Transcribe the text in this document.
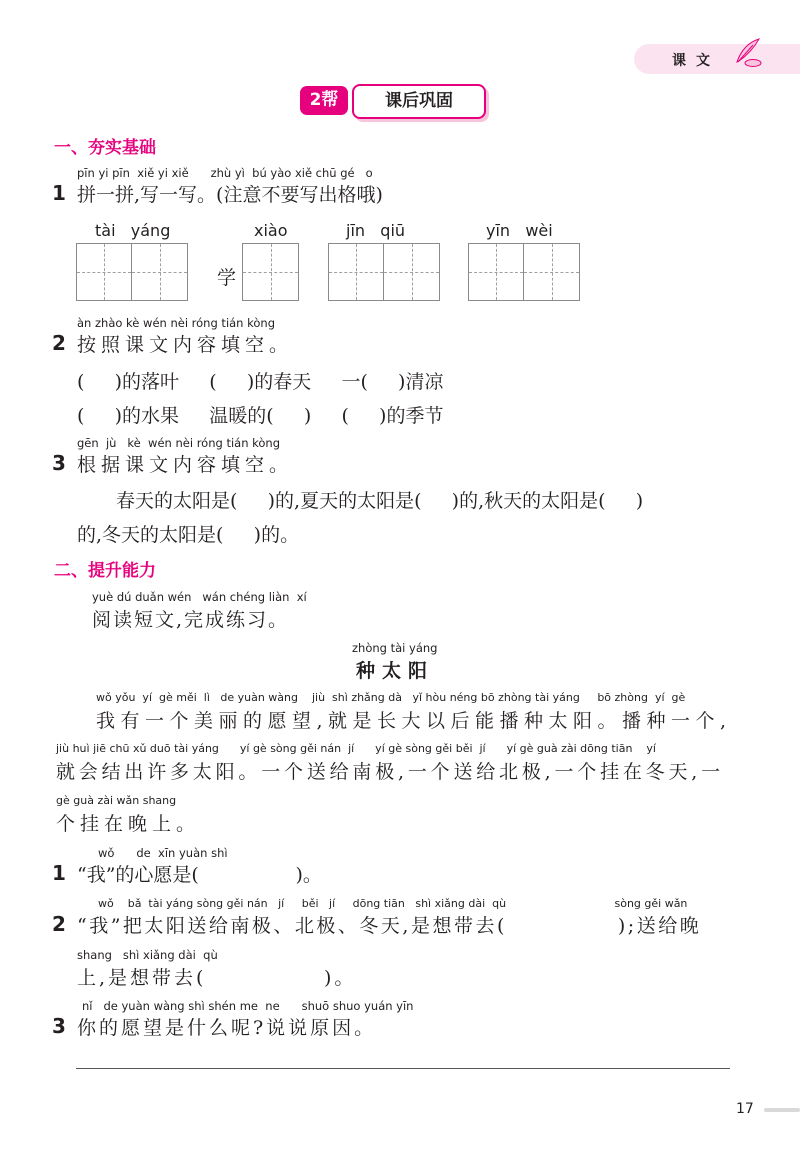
课文
2帮	课后巩固
一、夯实基础
pīn yi pīn  xiě yi xiě      zhù yì  bú yào xiě chū gé   o
1 拼一拼,写一写。(注意不要写出格哦)
tài   yáng
学
xiào	jīn   qiū	yīn   wèi
àn zhào kè wén nèi róng tián kòng
2 按照课文内容填空。
(     )的落叶     (     )的春天     一(     )清凉
(     )的水果     温暖的(     )     (     )的季节
gēn  jù   kè  wén nèi róng tián kòng
3 根据课文内容填空。
春天的太阳是(     )的,夏天的太阳是(     )的,秋天的太阳是(     )
的,冬天的太阳是(     )的。
二、提升能力
yuè dú duǎn wén   wán chéng liàn  xí
阅读短文,完成练习。
zhòng tài yáng
种太阳
wǒ yǒu  yí  gè měi  lì   de yuàn wàng    jiù  shì zhǎng dà   yǐ hòu néng bō zhòng tài yáng     bō zhòng  yí  gè
我有一个美丽的愿望,就是长大以后能播种太阳。播种一个,
jiù huì jiē chū xǔ duō tài yáng      yí gè sòng gěi nán  jí      yí gè sòng gěi běi  jí      yí gè guà zài dōng tiān    yí
就会结出许多太阳。一个送给南极,一个送给北极,一个挂在冬天,一
gè guà zài wǎn shang
个挂在晚上。
wǒ      de  xīn yuàn shì
1 “我”的心愿是(                )。
wǒ    bǎ  tài yáng sòng gěi nán   jí     běi   jí     dōng tiān   shì xiǎng dài  qù                               sòng gěi wǎn
2 “我”把太阳送给南极、北极、冬天,是想带去(             );送给晚
shang   shì xiǎng dài  qù
上,是想带去(             )。
nǐ   de yuàn wàng shì shén me  ne      shuō shuo yuán yīn
3 你的愿望是什么呢?说说原因。
17
